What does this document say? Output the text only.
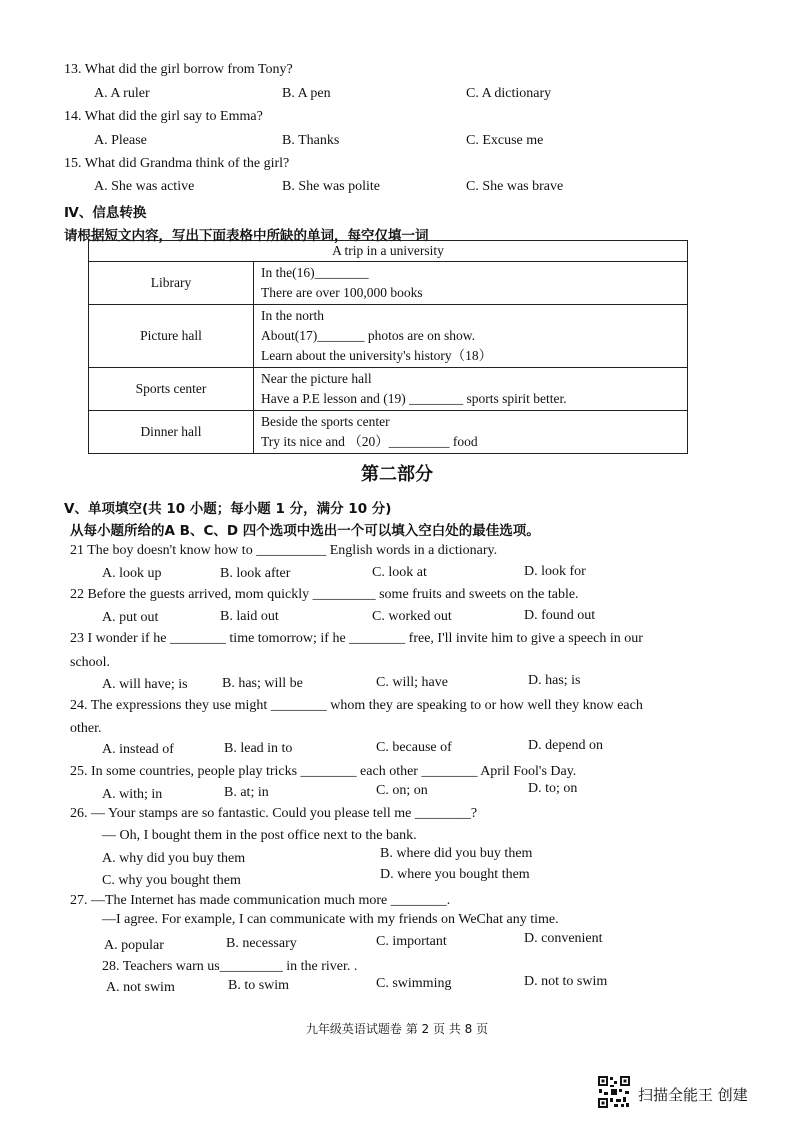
13. What did the girl borrow from Tony?
A. A ruler	B. A pen	C. A dictionary
14. What did the girl say to Emma?
A. Please	B. Thanks	C. Excuse me
15. What did Grandma think of the girl?
A. She was active	B. She was polite	C. She was brave
Ⅳ、信息转换
请根据短文内容，写出下面表格中所缺的单词，每空仅填一词
A trip in a university	
Library	In the(16)________
There are over 100,000 books

Picture hall	In the north
About(17)_______ photos are on show.
Learn about the university's history（18）

Sports center	Near the picture hall
Have a P.E lesson and (19) ________ sports spirit better.

Dinner hall	Beside the sports center
Try its nice and （20）_________ food
第二部分
Ⅴ、单项填空(共 10 小题；每小题 1 分，满分 10 分)
从每小题所给的A B、C、D 四个选项中选出一个可以填入空白处的最佳选项。
21 The boy doesn't know how to __________ English words in a dictionary.
A. look up	B. look after	C. look at	D. look for
22 Before the guests arrived, mom quickly _________ some fruits and sweets on the table.
A. put out	B. laid out	C. worked out	D. found out
23 I wonder if he ________ time tomorrow; if he ________ free, I'll invite him to give a speech in our
school.
A. will have; is B. has; will be	C. will; have	D. has; is
24. The expressions they use might ________ whom they are speaking to or how well they know each
other.
A. instead of	B. lead in to	C. because of	D. depend on
25. In some countries, people play tricks ________ each other ________ April Fool's Day.
A. with; in	B. at; in	C. on; on	D. to; on
26. — Your stamps are so fantastic. Could you please tell me ________?
— Oh, I bought them in the post office next to the bank.
A. why did you buy them	B. where did you buy them
C. why you bought them	D. where you bought them
27. —The Internet has made communication much more ________.
—I agree. For example, I can communicate with my friends on WeChat any time.
A. popular	B. necessary	C. important	D. convenient
28. Teachers warn us_________ in the river. .
A. not swim	B. to swim	C. swimming	D. not to swim
九年级英语试题卷 第 2 页 共 8 页
扫描全能王 创建
